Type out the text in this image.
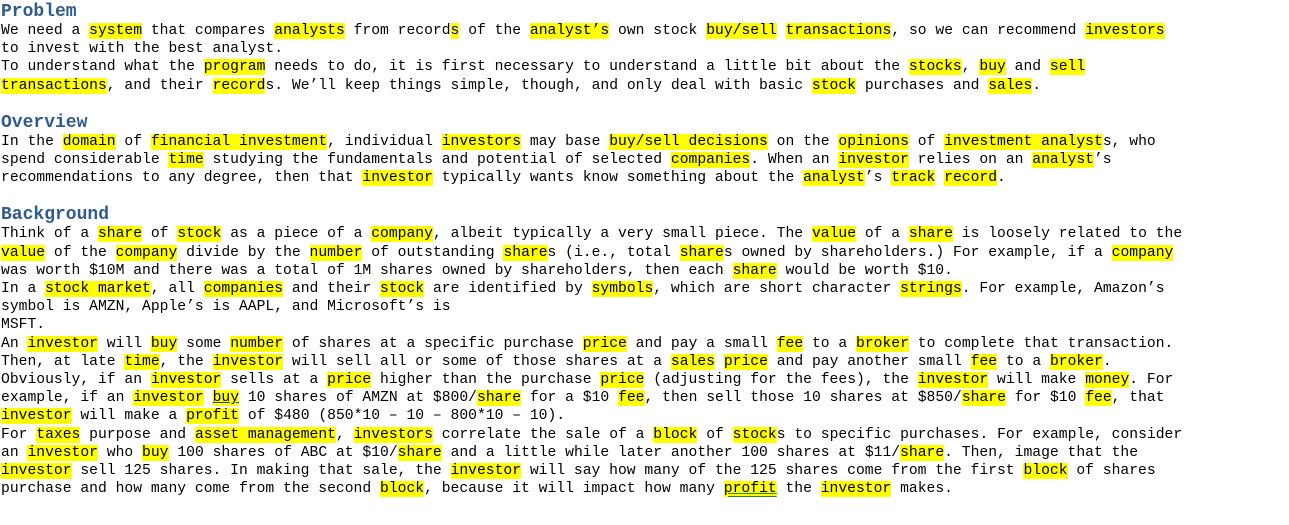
Problem
We need a system that compares analysts from records of the analyst’s own stock buy/sell transactions, so we can recommend investors
to invest with the best analyst.
To understand what the program needs to do, it is first necessary to understand a little bit about the stocks, buy and sell
transactions, and their records. We’ll keep things simple, though, and only deal with basic stock purchases and sales.
Overview
In the domain of financial investment, individual investors may base buy/sell decisions on the opinions of investment analysts, who
spend considerable time studying the fundamentals and potential of selected companies. When an investor relies on an analyst’s
recommendations to any degree, then that investor typically wants know something about the analyst’s track record.
Background
Think of a share of stock as a piece of a company, albeit typically a very small piece. The value of a share is loosely related to the
value of the company divide by the number of outstanding shares (i.e., total shares owned by shareholders.) For example, if a company
was worth $10M and there was a total of 1M shares owned by shareholders, then each share would be worth $10.
In a stock market, all companies and their stock are identified by symbols, which are short character strings. For example, Amazon’s
symbol is AMZN, Apple’s is AAPL, and Microsoft’s is
MSFT.
An investor will buy some number of shares at a specific purchase price and pay a small fee to a broker to complete that transaction.
Then, at late time, the investor will sell all or some of those shares at a sales price and pay another small fee to a broker.
Obviously, if an investor sells at a price higher than the purchase price (adjusting for the fees), the investor will make money. For
example, if an investor buy 10 shares of AMZN at $800/share for a $10 fee, then sell those 10 shares at $850/share for $10 fee, that
investor will make a profit of $480 (850*10 – 10 – 800*10 – 10).
For taxes purpose and asset management, investors correlate the sale of a block of stocks to specific purchases. For example, consider
an investor who buy 100 shares of ABC at $10/share and a little while later another 100 shares at $11/share. Then, image that the
investor sell 125 shares. In making that sale, the investor will say how many of the 125 shares come from the first block of shares
purchase and how many come from the second block, because it will impact how many profit the investor makes.
